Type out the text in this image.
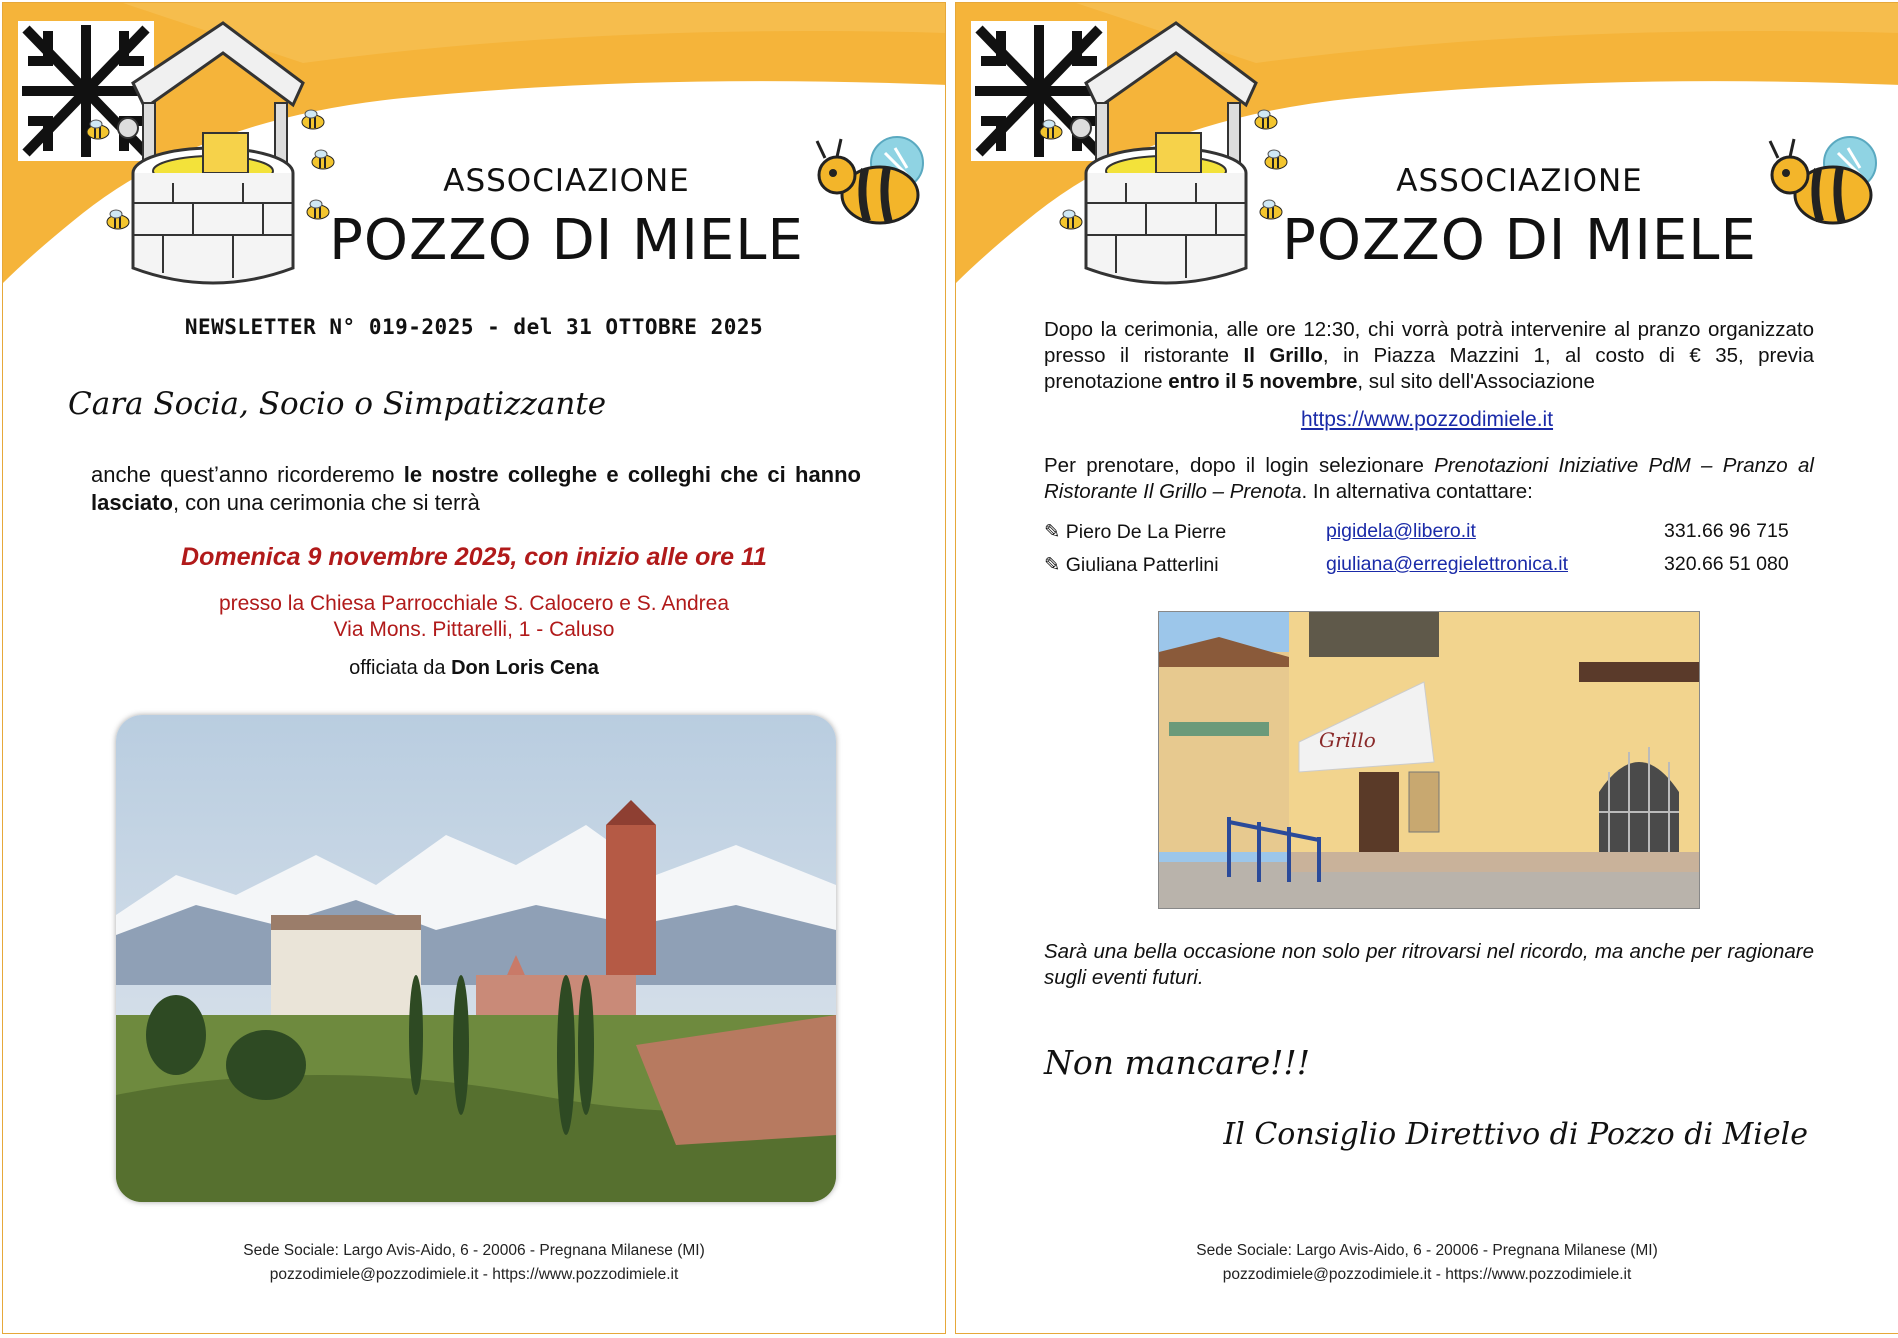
ASSOCIAZIONE
POZZO DI MIELE
NEWSLETTER N° 019-2025 - del 31 OTTOBRE 2025
Cara Socia, Socio o Simpatizzante
anche quest’anno ricorderemo le nostre colleghe e colleghi che ci hanno lasciato, con una cerimonia che si terrà
Domenica 9 novembre 2025, con inizio alle ore 11
presso la Chiesa Parrocchiale S. Calocero e S. Andrea
Via Mons. Pittarelli, 1 - Caluso
officiata da Don Loris Cena
Sede Sociale: Largo Avis-Aido, 6 - 20006 - Pregnana Milanese (MI)
pozzodimiele@pozzodimiele.it - https://www.pozzodimiele.it
ASSOCIAZIONE
POZZO DI MIELE
Dopo la cerimonia, alle ore 12:30, chi vorrà potrà intervenire al pranzo organizzato presso il ristorante Il Grillo, in Piazza Mazzini 1, al costo di € 35, previa prenotazione entro il 5 novembre, sul sito dell'Associazione
https://www.pozzodimiele.it
Per prenotare, dopo il login selezionare Prenotazioni Iniziative PdM – Pranzo al Ristorante Il Grillo – Prenota. In alternativa contattare:
✎ Piero De La Pierre	pigidela@libero.it	331.66 96 715
✎ Giuliana Patterlini	giuliana@erregielettronica.it	320.66 51 080
Grillo
Sarà una bella occasione non solo per ritrovarsi nel ricordo, ma anche per ragionare sugli eventi futuri.
Non mancare!!!
Il Consiglio Direttivo di Pozzo di Miele
Sede Sociale: Largo Avis-Aido, 6 - 20006 - Pregnana Milanese (MI)
pozzodimiele@pozzodimiele.it - https://www.pozzodimiele.it
